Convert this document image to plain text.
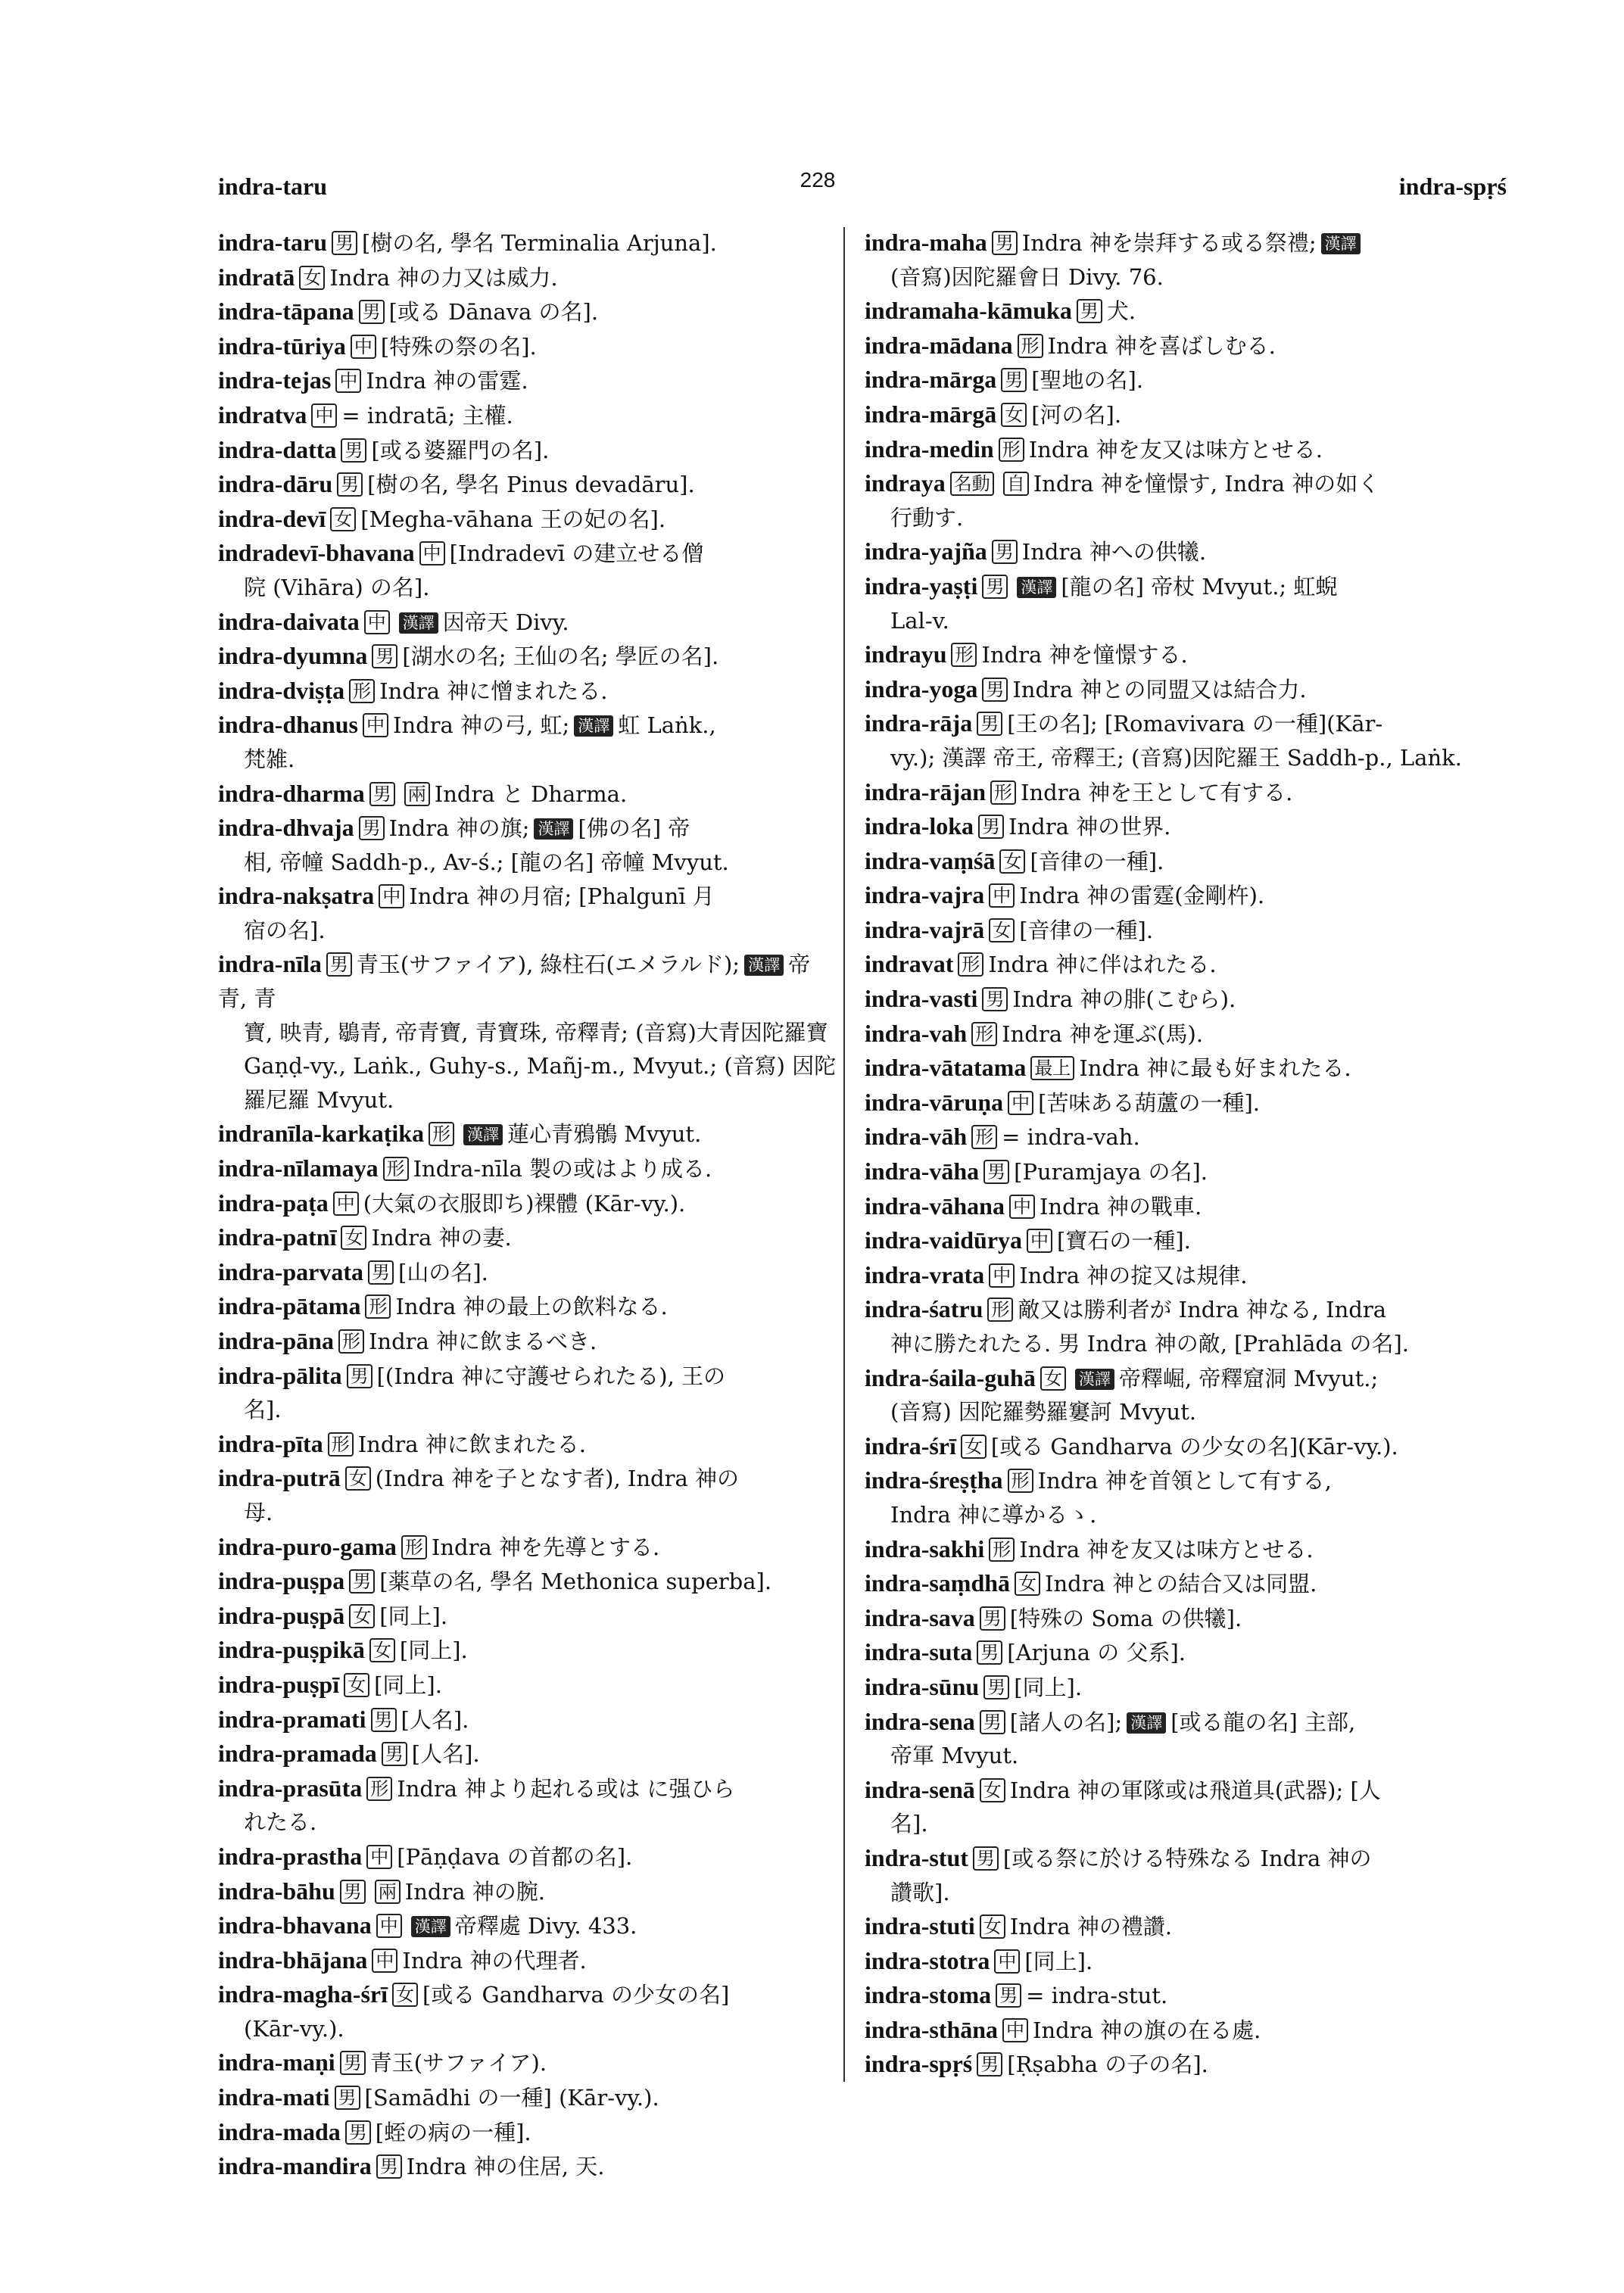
indra-taru	228	indra-spṛś
indra-taru 男 [樹の名, 學名 Terminalia Arjuna].
indratā 女 Indra 神の力又は威力.
indra-tāpana 男 [或る Dānava の名].
indra-tūriya 中 [特殊の祭の名].
indra-tejas 中 Indra 神の雷霆.
indratva 中 = indratā; 主權.
indra-datta 男 [或る婆羅門の名].
indra-dāru 男 [樹の名, 學名 Pinus devadāru].
indra-devī 女 [Megha-vāhana 王の妃の名].
indradevī-bhavana 中 [Indradevī の建立せる僧
院 (Vihāra) の名].
indra-daivata 中 漢譯 因帝天 Divy.
indra-dyumna 男 [湖水の名; 王仙の名; 學匠の名].
indra-dviṣṭa 形 Indra 神に憎まれたる.
indra-dhanus 中 Indra 神の弓, 虹; 漢譯 虹 Laṅk.,
梵雑.
indra-dharma 男 兩 Indra と Dharma.
indra-dhvaja 男 Indra 神の旗; 漢譯 [佛の名] 帝
相, 帝幢 Saddh-p., Av-ś.; [龍の名] 帝幢 Mvyut.
indra-nakṣatra 中 Indra 神の月宿; [Phalgunī 月
宿の名].
indra-nīla 男 青玉(サファイア), 綠柱石(エメラルド); 漢譯 帝青, 青
寶, 映青, 鶡青, 帝青寶, 青寶珠, 帝釋青; (音寫)大青因陀羅寶 Gaṇḍ-vy., Laṅk., Guhy-s., Mañj-m., Mvyut.; (音寫) 因陀羅尼羅 Mvyut.
indranīla-karkaṭika 形 漢譯 蓮心青鴉鶻 Mvyut.
indra-nīlamaya 形 Indra-nīla 製の或はより成る.
indra-paṭa 中 (大氣の衣服即ち)裸體 (Kār-vy.).
indra-patnī 女 Indra 神の妻.
indra-parvata 男 [山の名].
indra-pātama 形 Indra 神の最上の飲料なる.
indra-pāna 形 Indra 神に飲まるべき.
indra-pālita 男 [(Indra 神に守護せられたる), 王の
名].
indra-pīta 形 Indra 神に飲まれたる.
indra-putrā 女 (Indra 神を子となす者), Indra 神の
母.
indra-puro-gama 形 Indra 神を先導とする.
indra-puṣpa 男 [薬草の名, 學名 Methonica superba].
indra-puṣpā 女 [同上].
indra-puṣpikā 女 [同上].
indra-puṣpī 女 [同上].
indra-pramati 男 [人名].
indra-pramada 男 [人名].
indra-prasūta 形 Indra 神より起れる或は に强ひら
れたる.
indra-prastha 中 [Pāṇḍava の首都の名].
indra-bāhu 男 兩 Indra 神の腕.
indra-bhavana 中 漢譯 帝釋處 Divy. 433.
indra-bhājana 中 Indra 神の代理者.
indra-magha-śrī 女 [或る Gandharva の少女の名]
(Kār-vy.).
indra-maṇi 男 青玉(サファイア).
indra-mati 男 [Samādhi の一種] (Kār-vy.).
indra-mada 男 [蛭の病の一種].
indra-mandira 男 Indra 神の住居, 天.
indra-maha 男 Indra 神を崇拜する或る祭禮; 漢譯
(音寫)因陀羅會日 Divy. 76.
indramaha-kāmuka 男 犬.
indra-mādana 形 Indra 神を喜ばしむる.
indra-mārga 男 [聖地の名].
indra-mārgā 女 [河の名].
indra-medin 形 Indra 神を友又は味方とせる.
indraya 名動 自 Indra 神を憧憬す, Indra 神の如く
行動す.
indra-yajña 男 Indra 神への供犧.
indra-yaṣṭi 男 漢譯 [龍の名] 帝杖 Mvyut.; 虹蜺
Lal-v.
indrayu 形 Indra 神を憧憬する.
indra-yoga 男 Indra 神との同盟又は結合力.
indra-rāja 男 [王の名]; [Romavivara の一種](Kār-
vy.); 漢譯 帝王, 帝釋王; (音寫)因陀羅王 Saddh-p., Laṅk.
indra-rājan 形 Indra 神を王として有する.
indra-loka 男 Indra 神の世界.
indra-vaṃśā 女 [音律の一種].
indra-vajra 中 Indra 神の雷霆(金剛杵).
indra-vajrā 女 [音律の一種].
indravat 形 Indra 神に伴はれたる.
indra-vasti 男 Indra 神の腓(こむら).
indra-vah 形 Indra 神を運ぶ(馬).
indra-vātatama 最上 Indra 神に最も好まれたる.
indra-vāruṇa 中 [苦味ある葫蘆の一種].
indra-vāh 形 = indra-vah.
indra-vāha 男 [Puramjaya の名].
indra-vāhana 中 Indra 神の戰車.
indra-vaidūrya 中 [寶石の一種].
indra-vrata 中 Indra 神の掟又は規律.
indra-śatru 形 敵又は勝利者が Indra 神なる, Indra
神に勝たれたる. 男 Indra 神の敵, [Prahlāda の名].
indra-śaila-guhā 女 漢譯 帝釋崛, 帝釋窟洞 Mvyut.;
(音寫) 因陀羅勢羅窶訶 Mvyut.
indra-śrī 女 [或る Gandharva の少女の名](Kār-vy.).
indra-śreṣṭha 形 Indra 神を首領として有する,
Indra 神に導かるゝ.
indra-sakhi 形 Indra 神を友又は味方とせる.
indra-saṃdhā 女 Indra 神との結合又は同盟.
indra-sava 男 [特殊の Soma の供犧].
indra-suta 男 [Arjuna の 父系].
indra-sūnu 男 [同上].
indra-sena 男 [諸人の名]; 漢譯 [或る龍の名] 主部,
帝軍 Mvyut.
indra-senā 女 Indra 神の軍隊或は飛道具(武器); [人
名].
indra-stut 男 [或る祭に於ける特殊なる Indra 神の
讚歌].
indra-stuti 女 Indra 神の禮讚.
indra-stotra 中 [同上].
indra-stoma 男 = indra-stut.
indra-sthāna 中 Indra 神の旗の在る處.
indra-spṛś 男 [Ṛṣabha の子の名].
